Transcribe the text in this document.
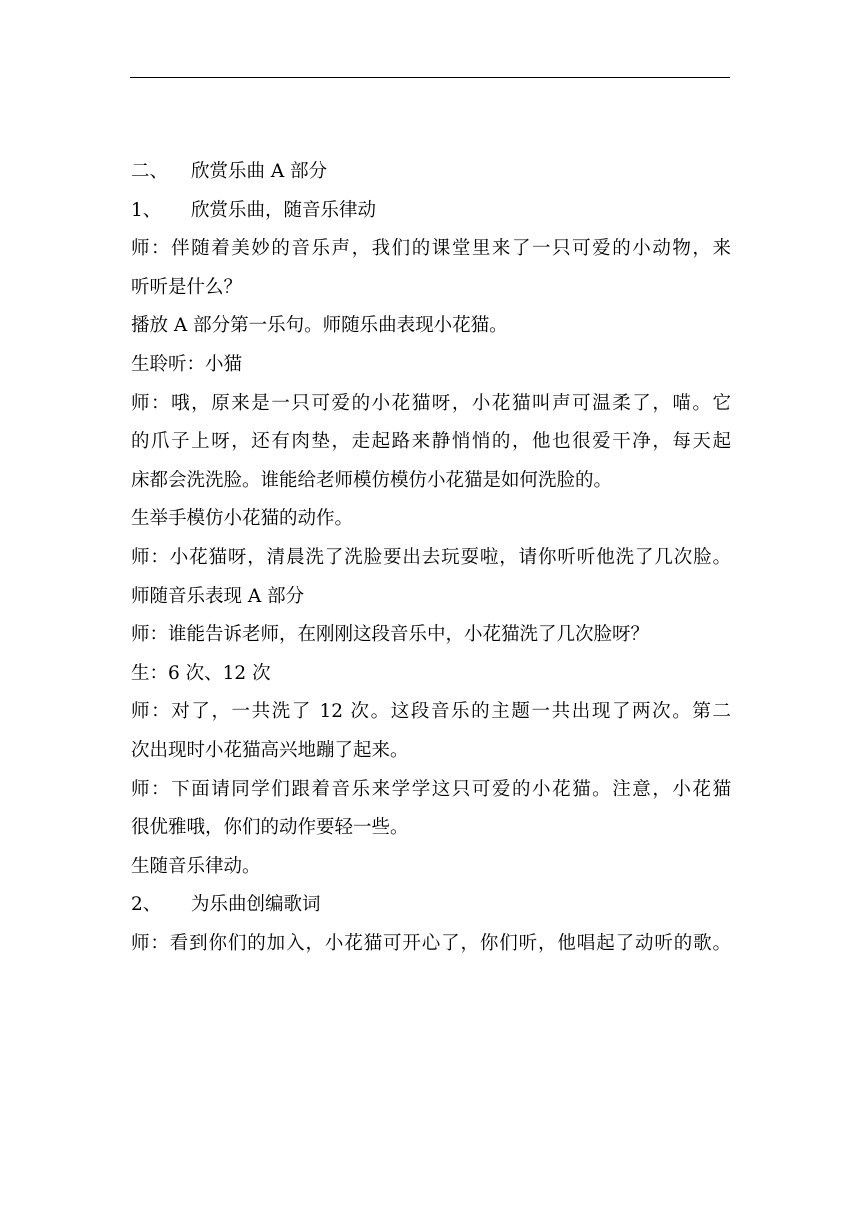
二、 欣赏乐曲 A 部分

1、 欣赏乐曲，随音乐律动

师：伴随着美妙的音乐声，我们的课堂里来了一只可爱的小动物，来

听听是什么？

播放 A 部分第一乐句。师随乐曲表现小花猫。

生聆听：小猫

师：哦，原来是一只可爱的小花猫呀，小花猫叫声可温柔了，喵。它

的爪子上呀，还有肉垫，走起路来静悄悄的，他也很爱干净，每天起

床都会洗洗脸。谁能给老师模仿模仿小花猫是如何洗脸的。

生举手模仿小花猫的动作。

师：小花猫呀，清晨洗了洗脸要出去玩耍啦，请你听听他洗了几次脸。

师随音乐表现 A 部分

师：谁能告诉老师，在刚刚这段音乐中，小花猫洗了几次脸呀？

生：6 次、12 次

师：对了，一共洗了 12 次。这段音乐的主题一共出现了两次。第二

次出现时小花猫高兴地蹦了起来。

师：下面请同学们跟着音乐来学学这只可爱的小花猫。注意，小花猫

很优雅哦，你们的动作要轻一些。

生随音乐律动。

2、 为乐曲创编歌词

师：看到你们的加入，小花猫可开心了，你们听，他唱起了动听的歌。
